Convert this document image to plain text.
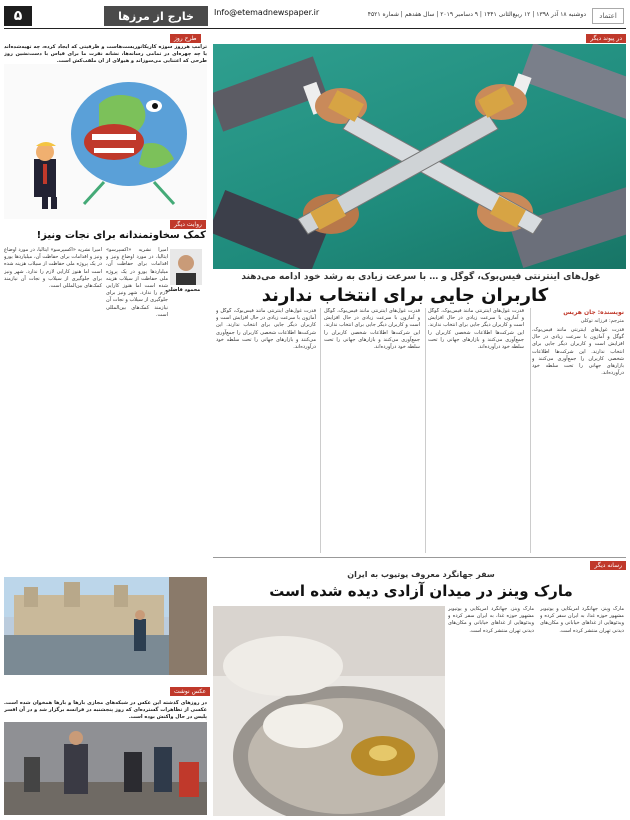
۵	خارج از مرزها	Info@etemadnewspaper.ir	دوشنبه ۱۸ آذر ۱۳۹۸ | ۱۲ ربیع‌الثانی ۱۴۴۱ | ۹ دسامبر ۲۰۱۹ | سال هفدهم | شماره ۴۵۲۱	اعتماد
در پیوند دیگر
غول‌های اینترنتی فیس‌بوک، گوگل و … با سرعت زیادی به رشد خود ادامه می‌دهند
کاربران جایی برای انتخاب ندارند
نویسنده: جان هریس
مترجم: فرزانه توکلی
قدرت غول‌های اینترنتی مانند فیس‌بوک، گوگل و آمازون با سرعت زیادی در حال افزایش است و کاربران دیگر جایی برای انتخاب ندارند. این شرکت‌ها اطلاعات شخصی کاربران را جمع‌آوری می‌کنند و بازارهای جهانی را تحت سلطه خود درآورده‌اند.
قدرت غول‌های اینترنتی مانند فیس‌بوک، گوگل و آمازون با سرعت زیادی در حال افزایش است و کاربران دیگر جایی برای انتخاب ندارند. این شرکت‌ها اطلاعات شخصی کاربران را جمع‌آوری می‌کنند و بازارهای جهانی را تحت سلطه خود درآورده‌اند.
قدرت غول‌های اینترنتی مانند فیس‌بوک، گوگل و آمازون با سرعت زیادی در حال افزایش است و کاربران دیگر جایی برای انتخاب ندارند. این شرکت‌ها اطلاعات شخصی کاربران را جمع‌آوری می‌کنند و بازارهای جهانی را تحت سلطه خود درآورده‌اند.
قدرت غول‌های اینترنتی مانند فیس‌بوک، گوگل و آمازون با سرعت زیادی در حال افزایش است و کاربران دیگر جایی برای انتخاب ندارند. این شرکت‌ها اطلاعات شخصی کاربران را جمع‌آوری می‌کنند و بازارهای جهانی را تحت سلطه خود درآورده‌اند.
رسانه دیگر
سفر جهانگرد معروف یوتیوب به ایران
مارک وینز در میدان آزادی دیده شده است
مارک وینز، جهانگرد آمریکایی و یوتیوبر مشهور حوزه غذا، به ایران سفر کرده و ویدئوهایی از غذاهای خیابانی و مکان‌های دیدنی تهران منتشر کرده است.
مارک وینز، جهانگرد آمریکایی و یوتیوبر مشهور حوزه غذا، به ایران سفر کرده و ویدئوهایی از غذاهای خیابانی و مکان‌های دیدنی تهران منتشر کرده است.
طرح روز
ترامپ هرروز سوژه کاریکاتوریست‌هاست و ظرفیتی که ایجاد کرده، چه تهیه‌شده‌اند یا چه چهره‌ای در تمامی رسانه‌ها، نشانه نفرت ما برای قیاس با دست‌نشین روز طرحی که اعتنایی می‌سوزاند و هیولای از ان ملقب‌کش است.
روایت دیگر
کمک سخاوتمندانه برای نجات ونیز!
محمود فاضلی
امیرا نشریه «اکسپرسو» ایتالیا، در مورد اوضاع ونیز و اقدامات برای حفاظت آن، میلیاردها یورو در یک پروژه ملی حفاظت از سیلاب هزینه شده است اما هنوز کارایی لازم را ندارد. شهر ونیز برای جلوگیری از سیلاب و نجات آن نیازمند کمک‌های بین‌المللی است.
امیرا نشریه «اکسپرسو» ایتالیا، در مورد اوضاع ونیز و اقدامات برای حفاظت آن، میلیاردها یورو در یک پروژه ملی حفاظت از سیلاب هزینه شده است اما هنوز کارایی لازم را ندارد. شهر ونیز برای جلوگیری از سیلاب و نجات آن نیازمند کمک‌های بین‌المللی است.
عکس نوشت
در روزهای گذشته این عکس در شبکه‌های مجازی بارها و بارها همخوان شده است. عکسی از تظاهرات گسترده‌ای که روز پنجشنبه در فرانسه برگزار شد و در آن افسر پلیس در حال واکنش بوده است.
